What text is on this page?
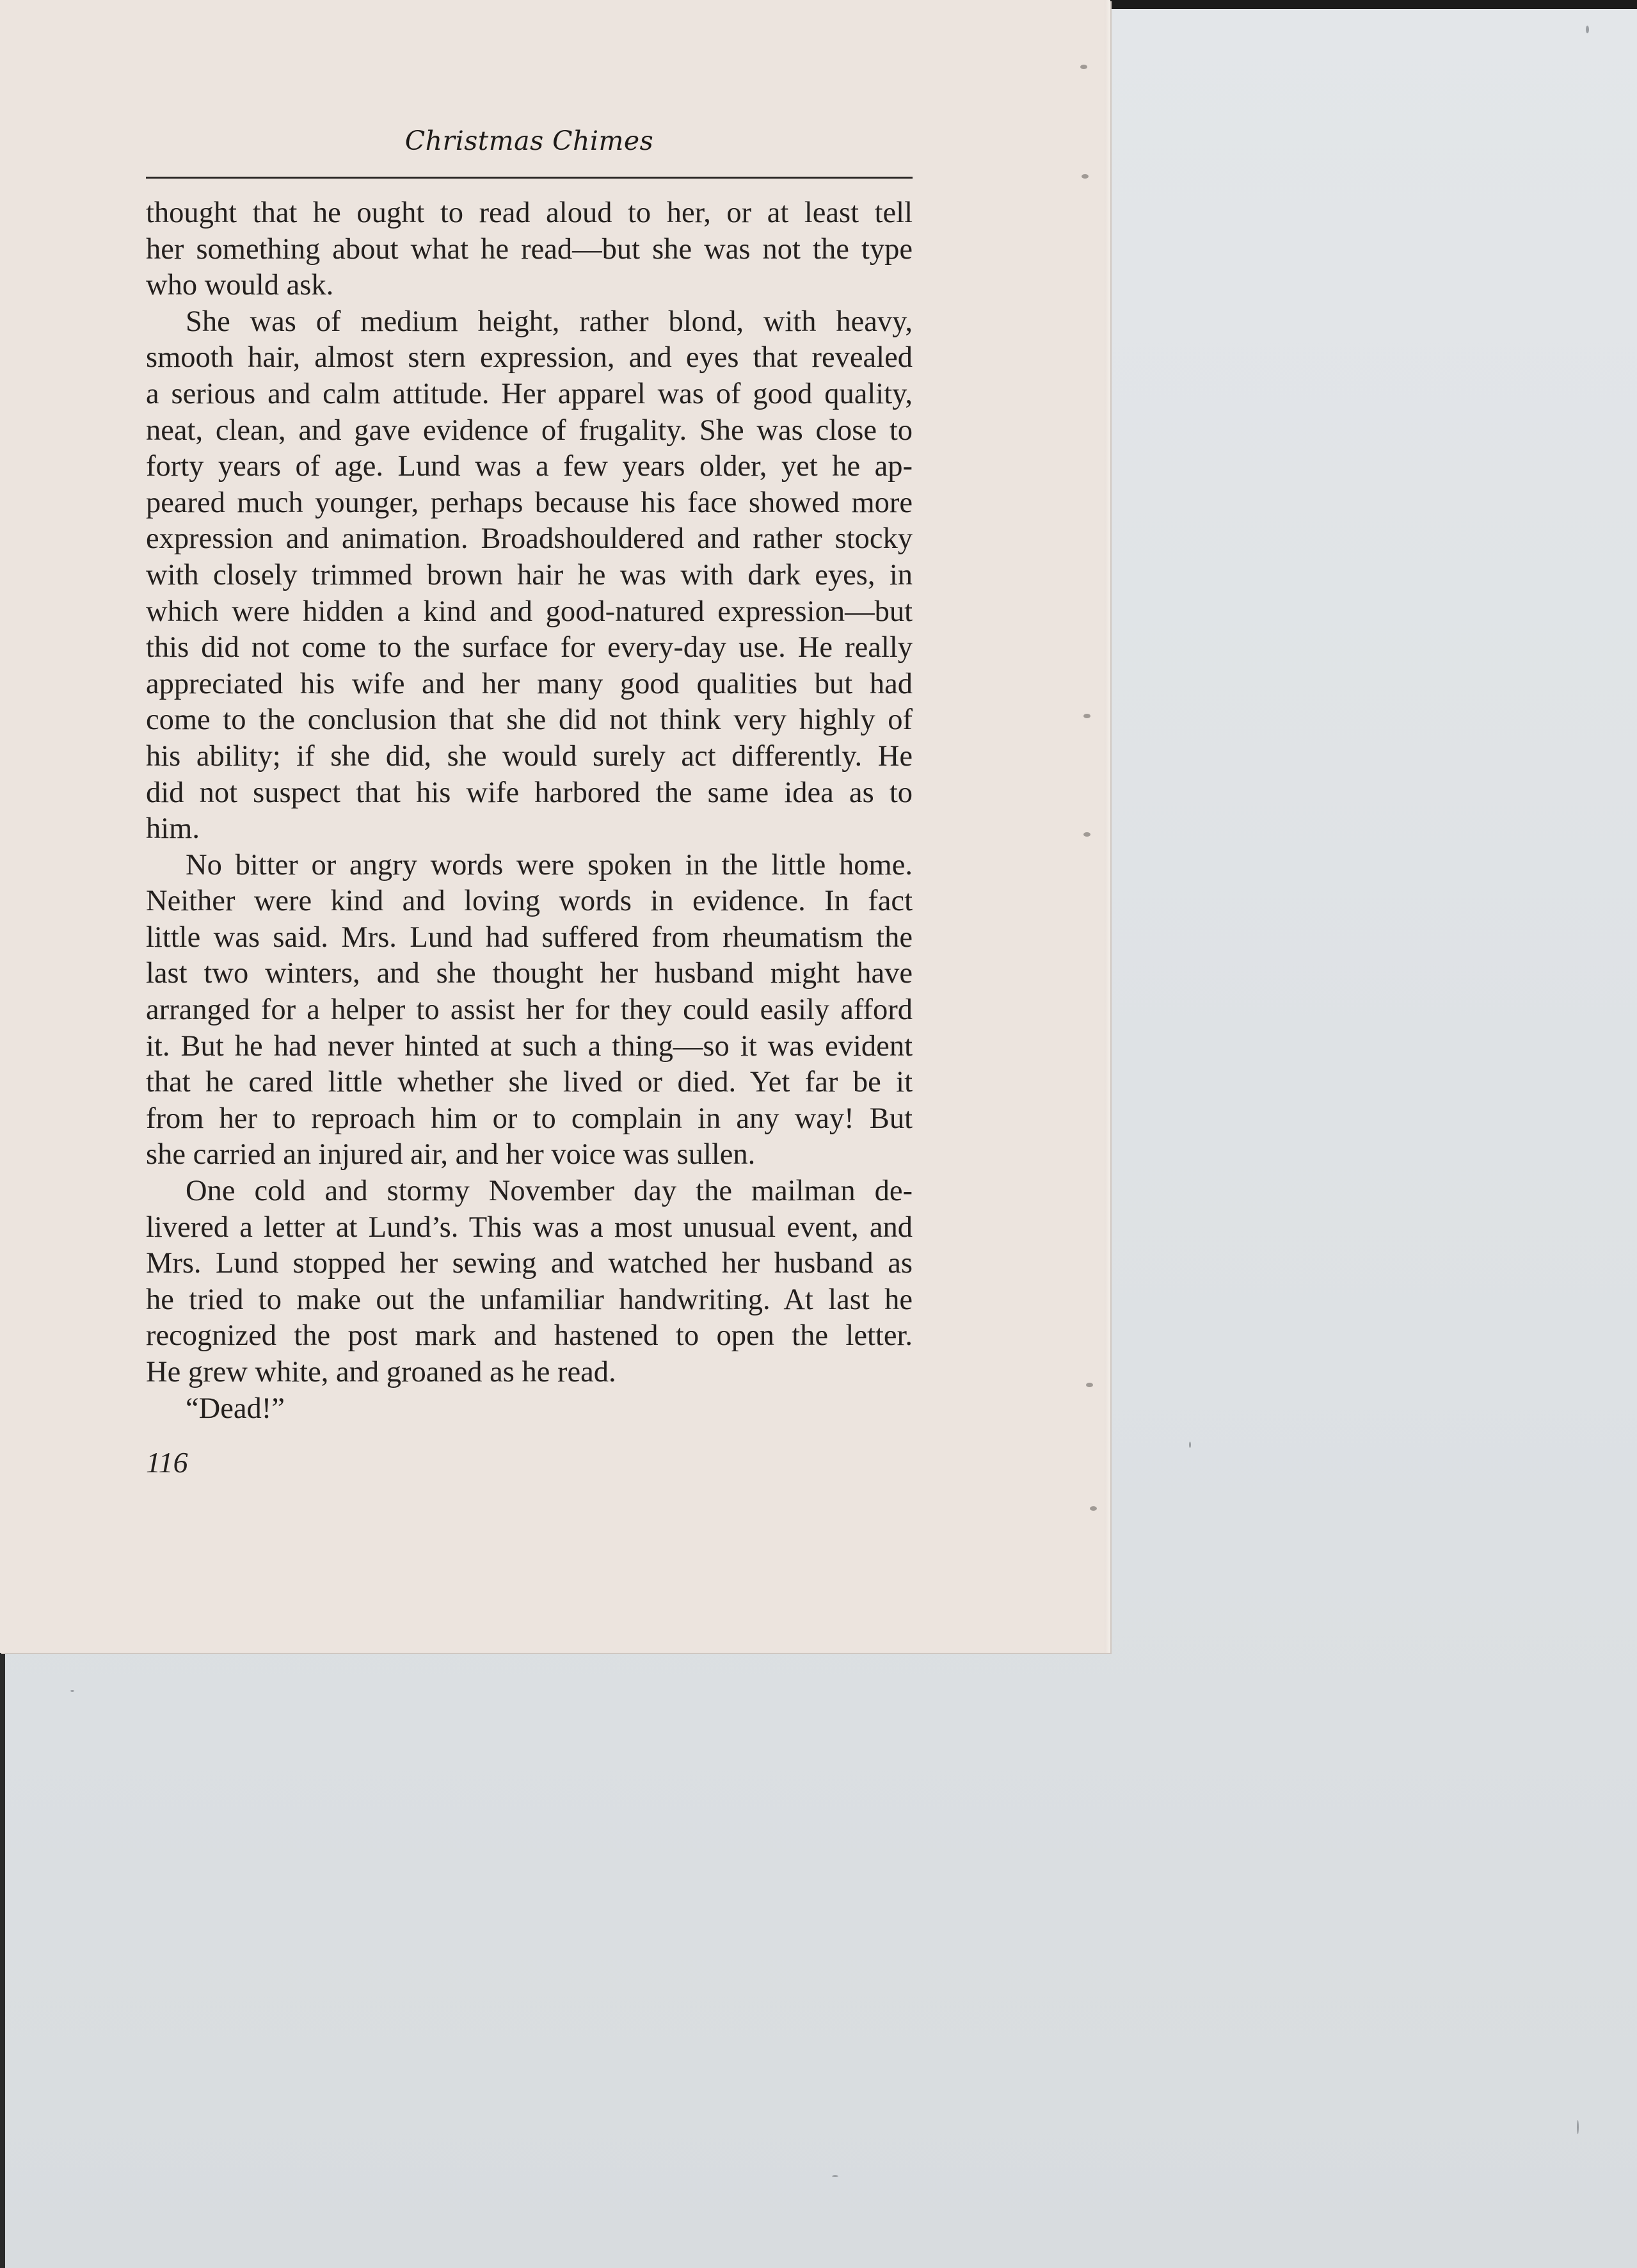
Christmas Chimes
thought that he ought to read aloud to her, or at least tell
her something about what he read—but she was not the type
who would ask.
She was of medium height, rather blond, with heavy,
smooth hair, almost stern expression, and eyes that revealed
a serious and calm attitude. Her apparel was of good quality,
neat, clean, and gave evidence of frugality. She was close to
forty years of age. Lund was a few years older, yet he ap-
peared much younger, perhaps because his face showed more
expression and animation. Broadshouldered and rather stocky
with closely trimmed brown hair he was with dark eyes, in
which were hidden a kind and good-natured expression—but
this did not come to the surface for every-day use. He really
appreciated his wife and her many good qualities but had
come to the conclusion that she did not think very highly of
his ability; if she did, she would surely act differently. He
did not suspect that his wife harbored the same idea as to
him.
No bitter or angry words were spoken in the little home.
Neither were kind and loving words in evidence. In fact
little was said. Mrs. Lund had suffered from rheumatism the
last two winters, and she thought her husband might have
arranged for a helper to assist her for they could easily afford
it. But he had never hinted at such a thing—so it was evident
that he cared little whether she lived or died. Yet far be it
from her to reproach him or to complain in any way! But
she carried an injured air, and her voice was sullen.
One cold and stormy November day the mailman de-
livered a letter at Lund’s. This was a most unusual event, and
Mrs. Lund stopped her sewing and watched her husband as
he tried to make out the unfamiliar handwriting. At last he
recognized the post mark and hastened to open the letter.
He grew white, and groaned as he read.
“Dead!”
116
